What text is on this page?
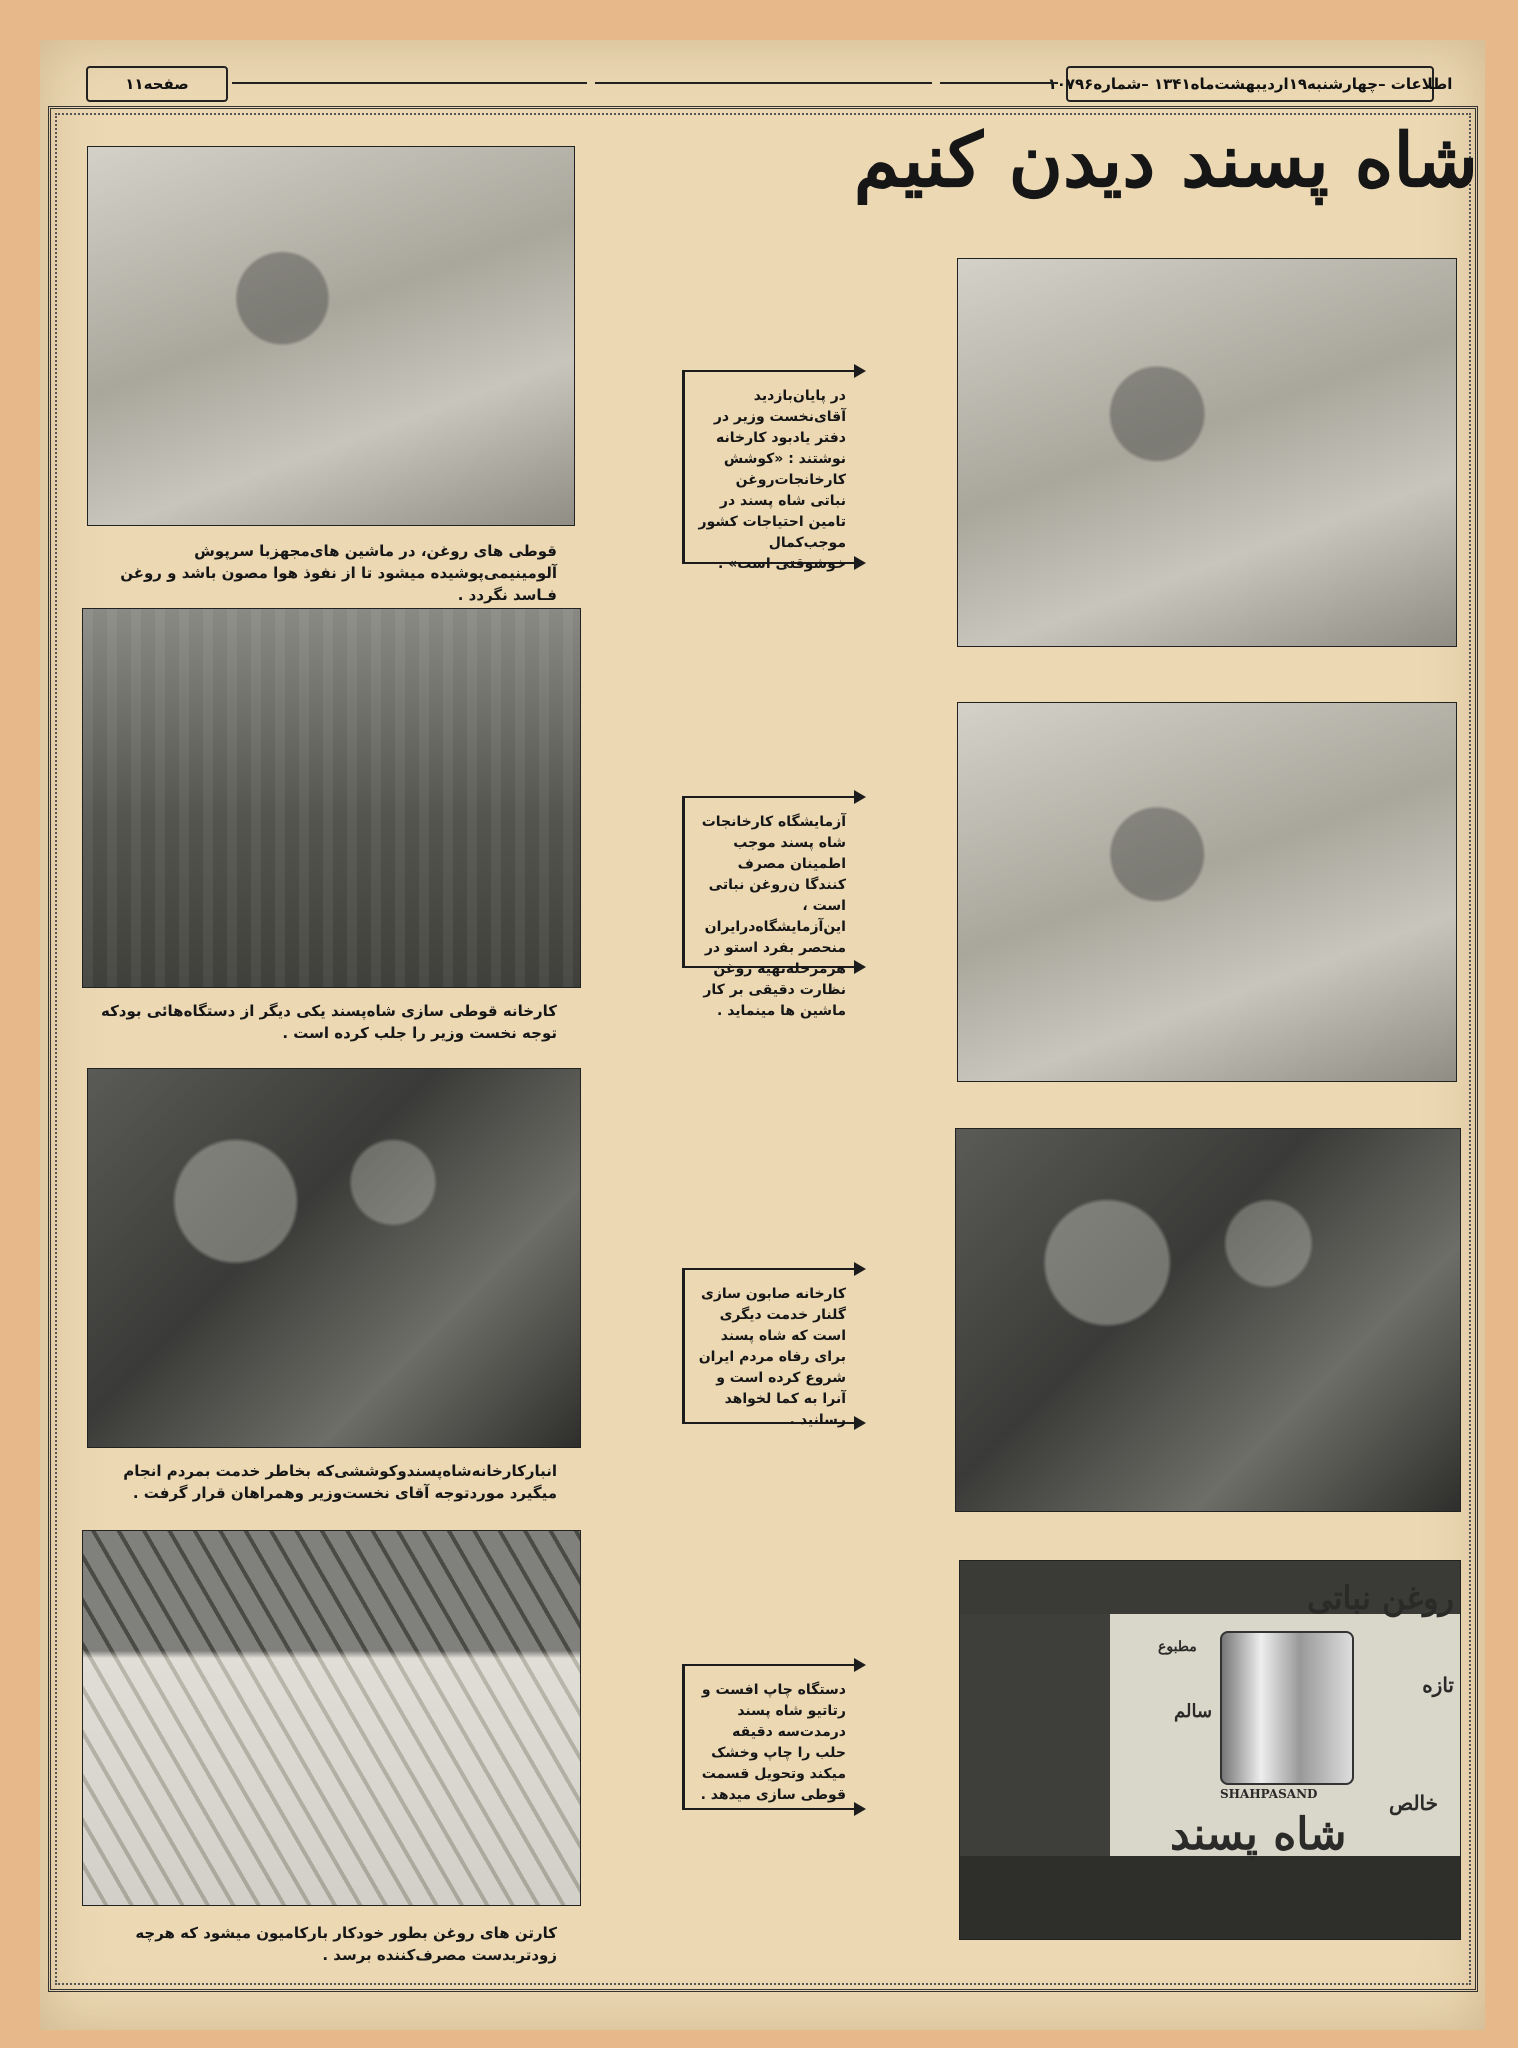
اطلاعات –چهارشنبه۱۹اردیبهشت‌ماه۱۳۴۱ –شماره۱۰۷۹۶
صفحه۱۱
شاه پسند دیدن کنیم
قوطی های روغن، در ماشین های‌مجهز‌با سرپوش آلومینیمی‌پوشیده میشود تا از نفوذ هوا مصون باشد و روغن فـاسد نگردد .
کارخانه قوطی سازی شاه‌پسند یکی دیگر از دستگاه‌هائی بودکه توجه نخست وزیر را جلب کرده است .
انبار‌کارخانه‌شاه‌پسندوکوششی‌که بخاطر خدمت بمردم انجام میگیرد موردتوجه آقای نخست‌وزیر وهمراهان قرار گرفت .
کارتن های روغن بطور خودکار بار‌کامیون میشود که هرچه زودتر‌بدست مصرف‌کننده برسد .
در پایان‌بازدید آقای‌نخست وزیر در دفتر یادبود کارخانه نوشتند : «کوشش کارخانجات‌روغن نباتی شاه پسند در تامین احتیاجات کشور موجب‌کمال خوشوقتی است» .
آزمایشگاه کارخانجات شاه پسند موجب اطمینان مصرف کنندگا ن‌روغن نباتی است ، این‌آزمایشگاه‌در‌ایران منحصر بفرد استو در هرمرحله‌تهیه روغن نظارت دقیقی بر کار ماشین ها مینماید .
کارخانه صابون سازی گلنار خدمت دیگری است که شاه پسند برای رفاه مردم ایران شروع کرده است و آنرا به کما لخواهد رسانید .
دستگاه چاپ افست و رتاتیو شاه پسند در‌مدت‌سه دقیقه حلب را چاپ وخشک میکند وتحویل قسمت قوطی سازی میدهد .
روغن نباتی
مطبوع
سالم
تازه
خالص
SHAHPASAND
شاه پسند
